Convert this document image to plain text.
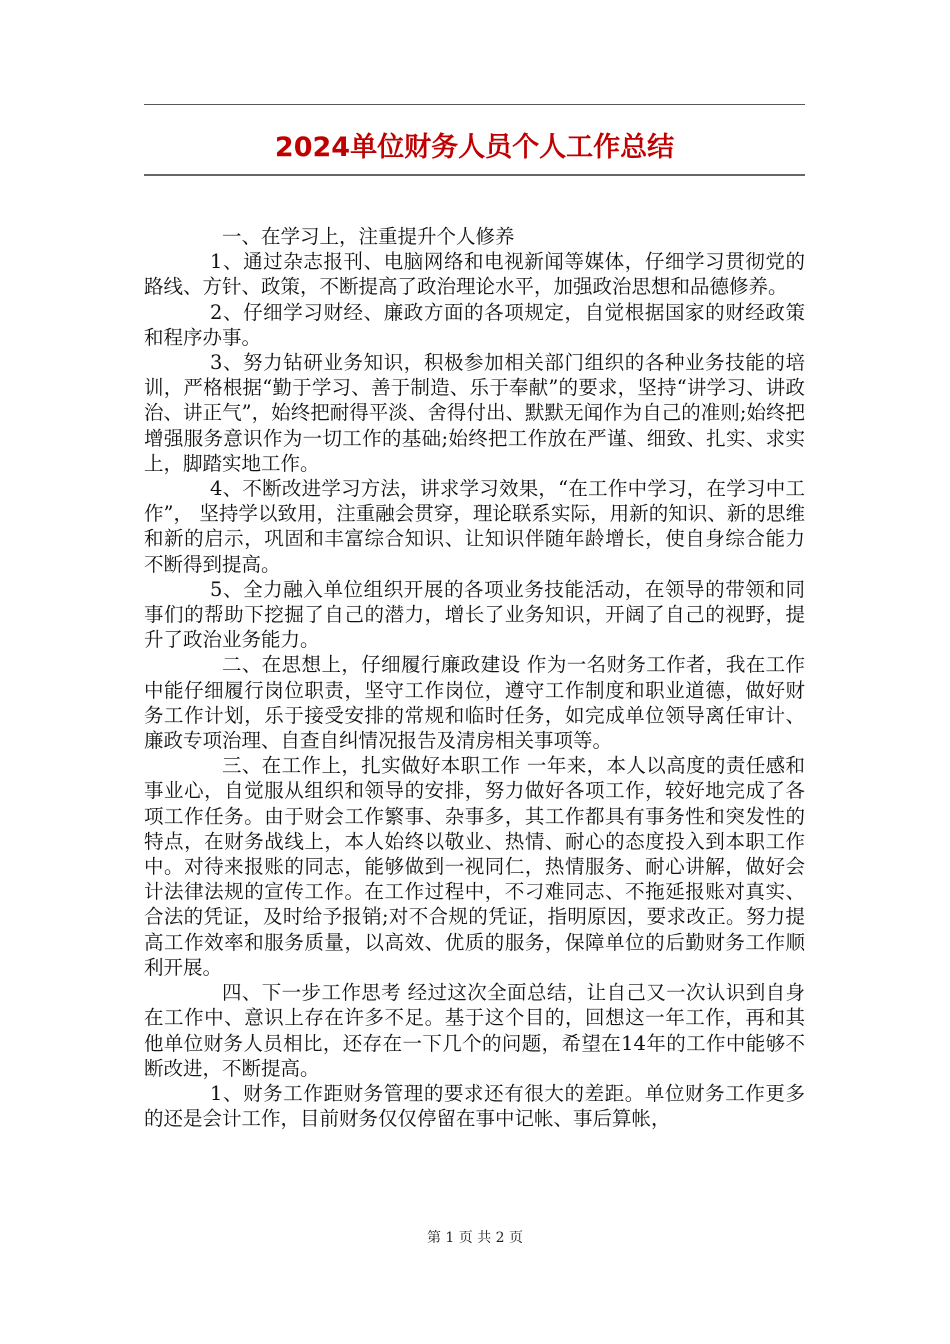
2024单位财务人员个人工作总结

一、在学习上，注重提升个人修养

1、通过杂志报刊、电脑网络和电视新闻等媒体，仔细学习贯彻党的路线、方针、政策，不断提高了政治理论水平，加强政治思想和品德修养。

2、仔细学习财经、廉政方面的各项规定，自觉根据国家的财经政策和程序办事。

3、努力钻研业务知识，积极参加相关部门组织的各种业务技能的培训，严格根据“勤于学习、善于制造、乐于奉献”的要求，坚持“讲学习、讲政治、讲正气”，始终把耐得平淡、舍得付出、默默无闻作为自己的准则;始终把增强服务意识作为一切工作的基础;始终把工作放在严谨、细致、扎实、求实上，脚踏实地工作。

4、不断改进学习方法，讲求学习效果，“在工作中学习，在学习中工作”， 坚持学以致用，注重融会贯穿，理论联系实际，用新的知识、新的思维和新的启示，巩固和丰富综合知识、让知识伴随年龄增长，使自身综合能力不断得到提高。

5、全力融入单位组织开展的各项业务技能活动，在领导的带领和同事们的帮助下挖掘了自己的潜力，增长了业务知识，开阔了自己的视野，提升了政治业务能力。

二、在思想上，仔细履行廉政建设 作为一名财务工作者，我在工作中能仔细履行岗位职责，坚守工作岗位，遵守工作制度和职业道德，做好财务工作计划，乐于接受安排的常规和临时任务，如完成单位领导离任审计、廉政专项治理、自查自纠情况报告及清房相关事项等。

三、在工作上，扎实做好本职工作 一年来，本人以高度的责任感和事业心，自觉服从组织和领导的安排，努力做好各项工作，较好地完成了各项工作任务。由于财会工作繁事、杂事多，其工作都具有事务性和突发性的特点，在财务战线上，本人始终以敬业、热情、耐心的态度投入到本职工作中。对待来报账的同志，能够做到一视同仁，热情服务、耐心讲解，做好会计法律法规的宣传工作。在工作过程中，不刁难同志、不拖延报账对真实、合法的凭证，及时给予报销;对不合规的凭证，指明原因，要求改正。努力提高工作效率和服务质量，以高效、优质的服务，保障单位的后勤财务工作顺利开展。

四、下一步工作思考 经过这次全面总结，让自己又一次认识到自身在工作中、意识上存在许多不足。基于这个目的，回想这一年工作，再和其他单位财务人员相比，还存在一下几个的问题，希望在14年的工作中能够不断改进，不断提高。

1、财务工作距财务管理的要求还有很大的差距。单位财务工作更多的还是会计工作，目前财务仅仅停留在事中记帐、事后算帐，

第 1 页 共 2 页
